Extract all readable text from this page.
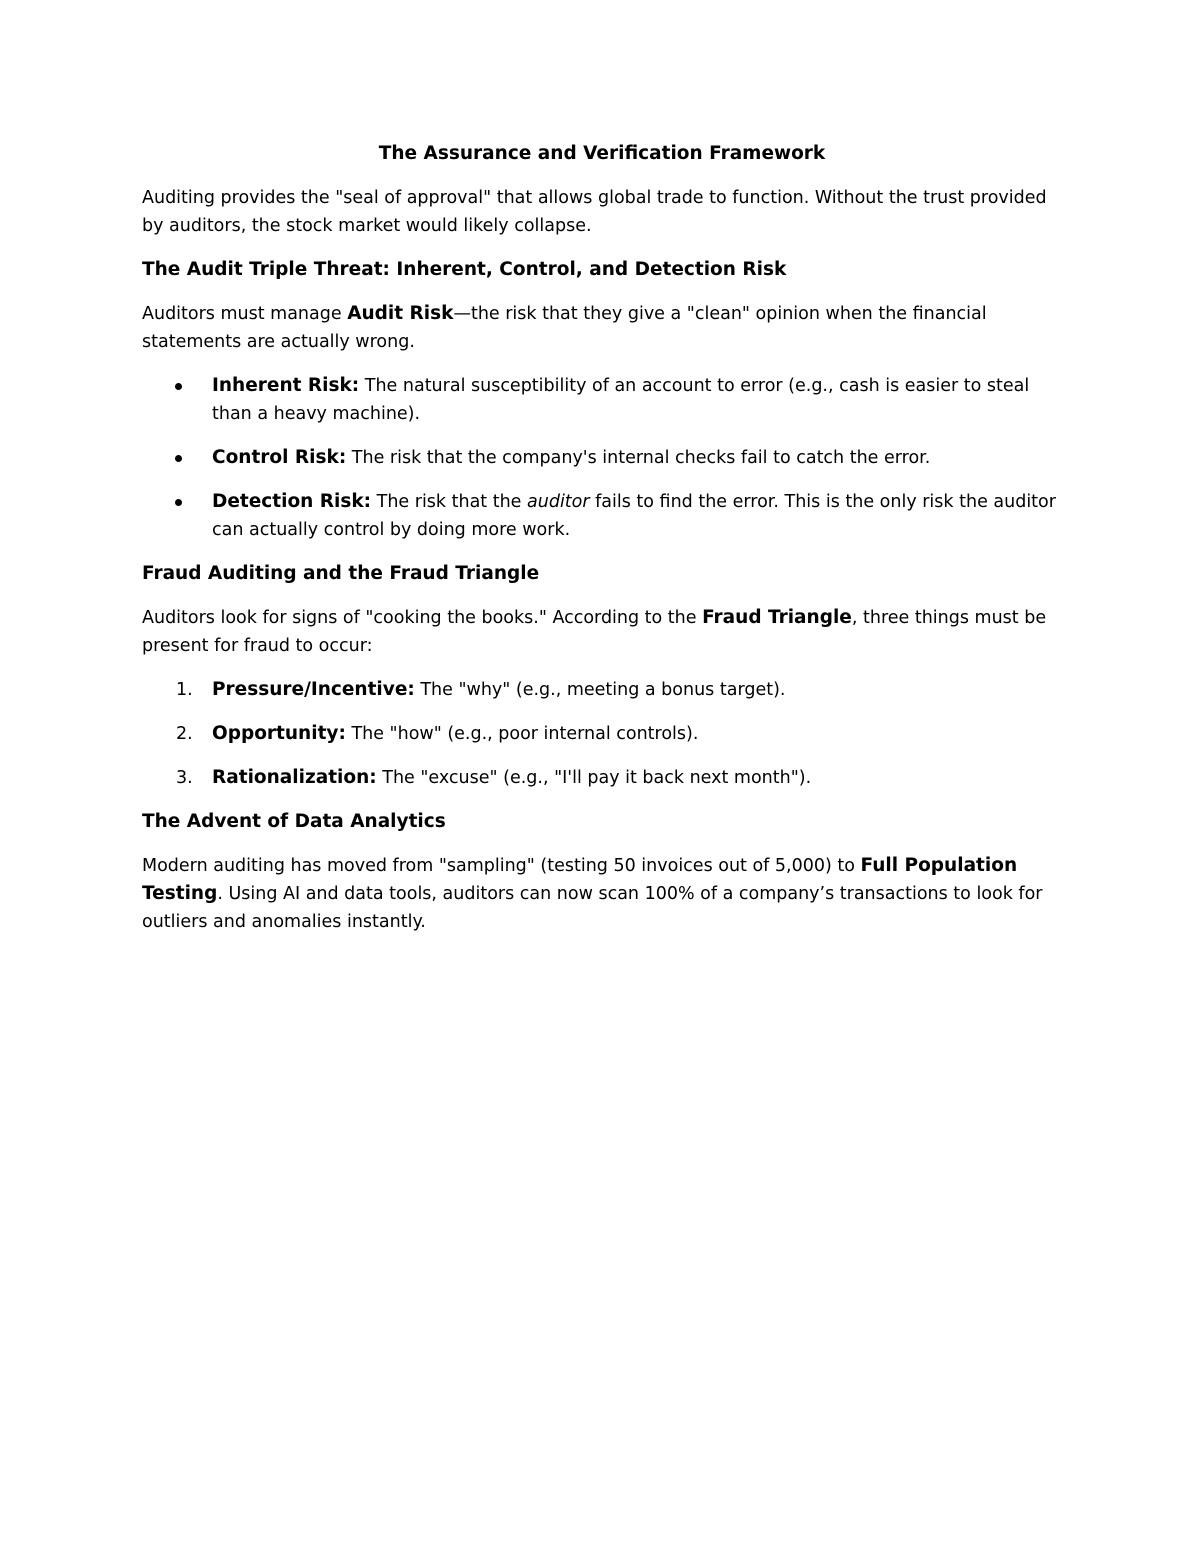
The Assurance and Verification Framework

Auditing provides the "seal of approval" that allows global trade to function. Without the trust provided by auditors, the stock market would likely collapse.

The Audit Triple Threat: Inherent, Control, and Detection Risk

Auditors must manage Audit Risk—the risk that they give a "clean" opinion when the financial statements are actually wrong.

Inherent Risk: The natural susceptibility of an account to error (e.g., cash is easier to steal than a heavy machine).
Control Risk: The risk that the company's internal checks fail to catch the error.
Detection Risk: The risk that the auditor fails to find the error. This is the only risk the auditor can actually control by doing more work.
Fraud Auditing and the Fraud Triangle

Auditors look for signs of "cooking the books." According to the Fraud Triangle, three things must be present for fraud to occur:

1. Pressure/Incentive: The "why" (e.g., meeting a bonus target).
2. Opportunity: The "how" (e.g., poor internal controls).
3. Rationalization: The "excuse" (e.g., "I'll pay it back next month").
The Advent of Data Analytics

Modern auditing has moved from "sampling" (testing 50 invoices out of 5,000) to Full Population Testing. Using AI and data tools, auditors can now scan 100% of a company’s transactions to look for outliers and anomalies instantly.
